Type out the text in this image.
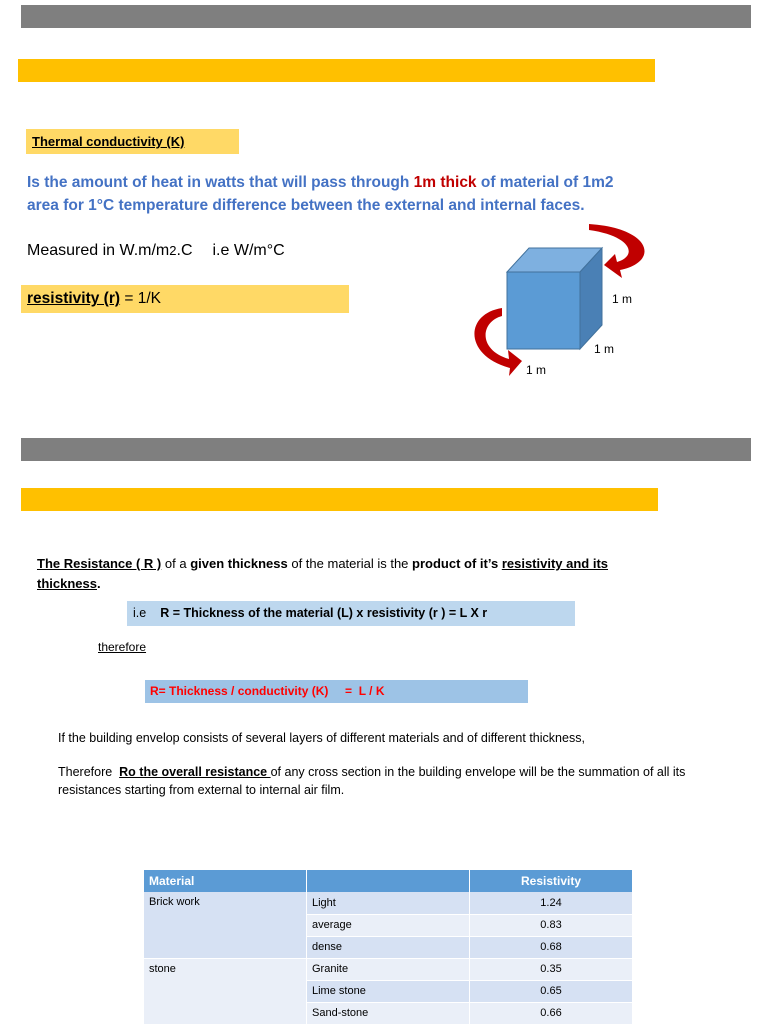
Thermal conductivity (K)
Is the amount of heat in watts that will pass through 1m thick of material of 1m2 area for 1°C temperature difference between the external and internal faces.
Measured in W.m/m2.C i.e W/m°C
resistivity (r) = 1/K	1 m
1 m
1 m
The Resistance ( R ) of a given thickness of the material is the product of it’s resistivity and its thickness.
i.e R = Thickness of the material (L) x resistivity (r ) = L X r
therefore
R= Thickness / conductivity (K)     =  L / K
If the building envelop consists of several layers of different materials and of different thickness,
Therefore  Ro the overall resistance of any cross section in the building envelope will be the summation of all its resistances starting from external to internal air film.
Material		Resistivity
Brick work	Light	1.24
	average	0.83
	dense	0.68
stone	Granite	0.35
	Lime stone	0.65
	Sand-stone	0.66
